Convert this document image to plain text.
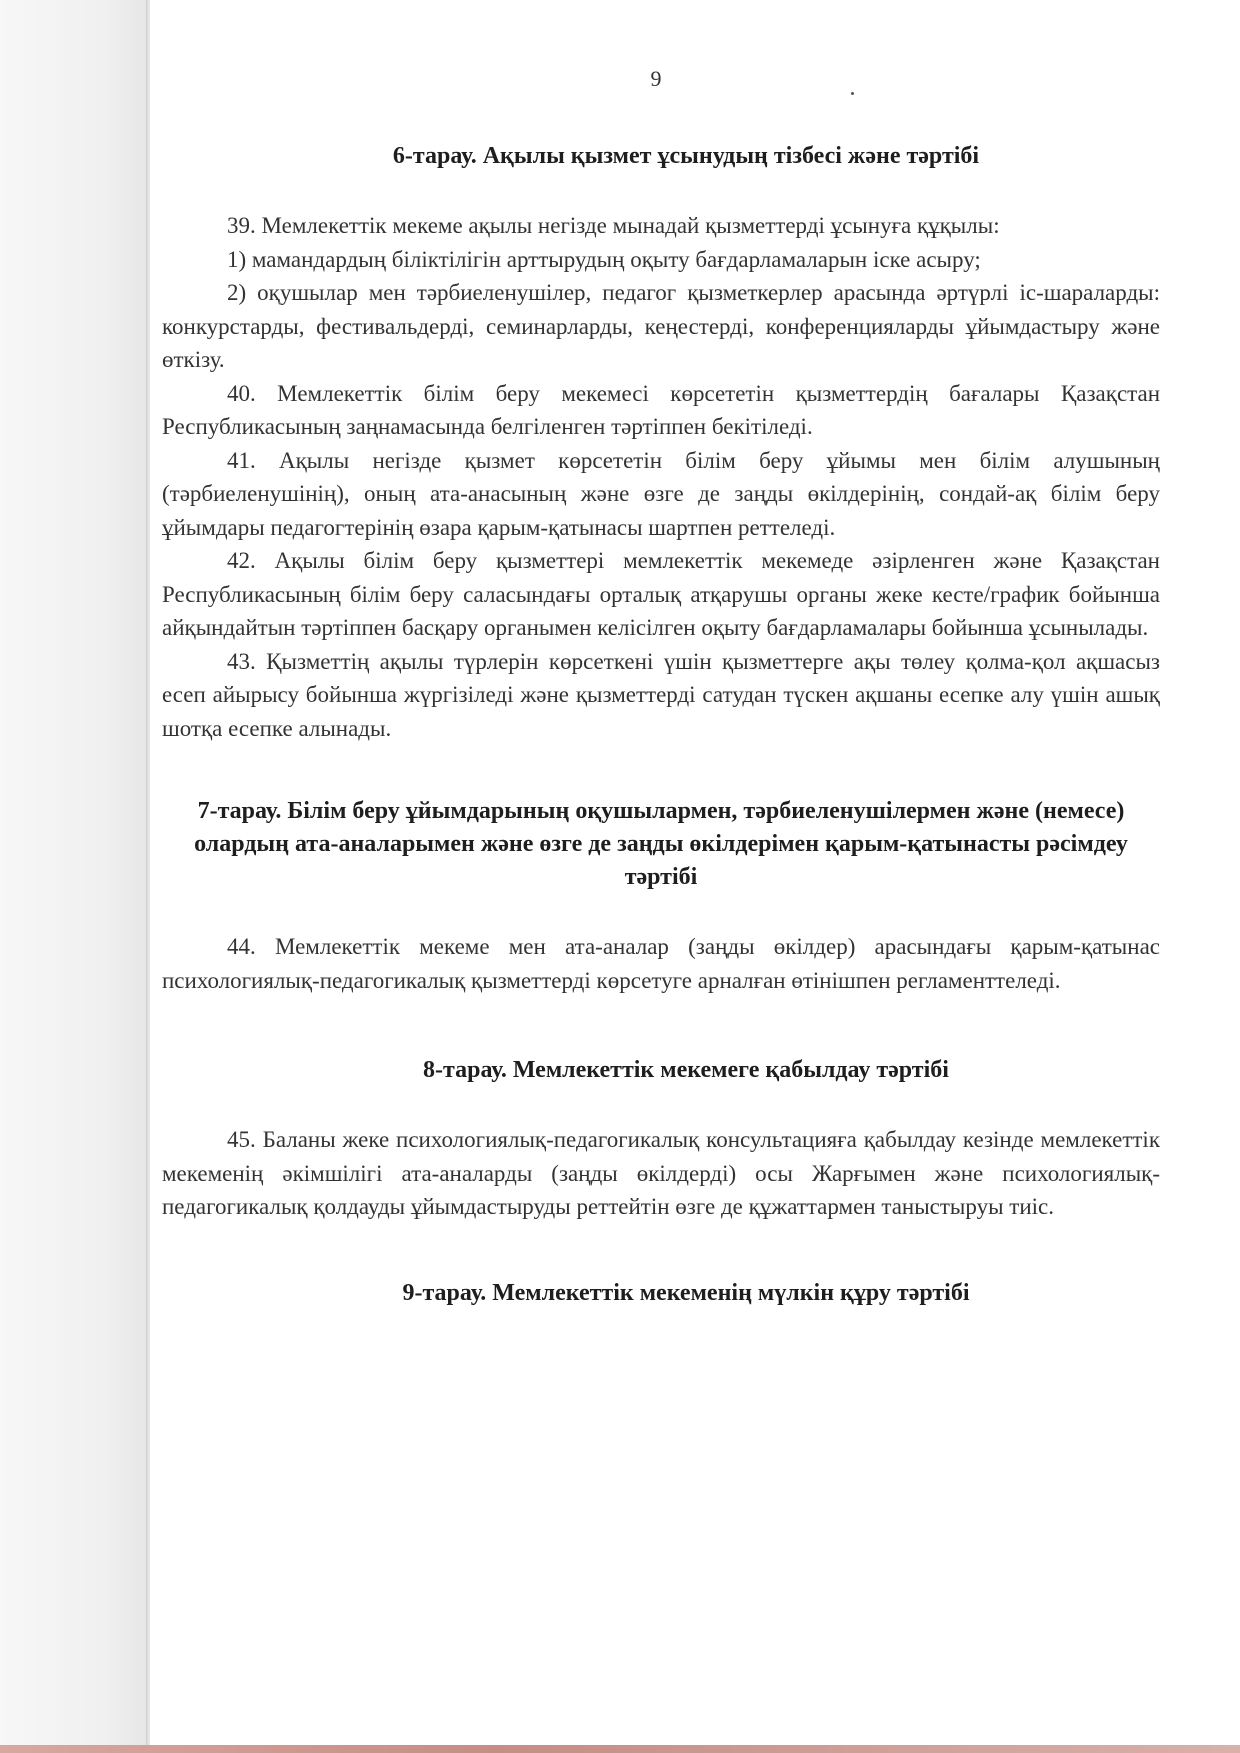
9
6-тарау. Ақылы қызмет ұсынудың тізбесі және тәртібі

39. Мемлекеттік мекеме ақылы негізде мынадай қызметтерді ұсынуға құқылы:

1) мамандардың біліктілігін арттырудың оқыту бағдарламаларын іске асыру;

2) оқушылар мен тәрбиеленушілер, педагог қызметкерлер арасында әртүрлі іс-шараларды: конкурстарды, фестивальдерді, семинарларды, кеңестерді, конференцияларды ұйымдастыру және өткізу.

40. Мемлекеттік білім беру мекемесі көрсететін қызметтердің бағалары Қазақстан Республикасының заңнамасында белгіленген тәртіппен бекітіледі.

41. Ақылы негізде қызмет көрсететін білім беру ұйымы мен білім алушының (тәрбиеленушінің), оның ата-анасының және өзге де заңды өкілдерінің, сондай-ақ білім беру ұйымдары педагогтерінің өзара қарым-қатынасы шартпен реттеледі.

42. Ақылы білім беру қызметтері мемлекеттік мекемеде әзірленген және Қазақстан Республикасының білім беру саласындағы орталық атқарушы органы жеке кесте/график бойынша айқындайтын тәртіппен басқару органымен келісілген оқыту бағдарламалары бойынша ұсынылады.

43. Қызметтің ақылы түрлерін көрсеткені үшін қызметтерге ақы төлеу қолма-қол ақшасыз есеп айырысу бойынша жүргізіледі және қызметтерді сатудан түскен ақшаны есепке алу үшін ашық шотқа есепке алынады.

7-тарау. Білім беру ұйымдарының оқушылармен, тәрбиеленушілермен және (немесе) олардың ата-аналарымен және өзге де заңды өкілдерімен қарым-қатынасты рәсімдеу тәртібі

44. Мемлекеттік мекеме мен ата-аналар (заңды өкілдер) арасындағы қарым-қатынас психологиялық-педагогикалық қызметтерді көрсетуге арналған өтінішпен регламенттеледі.

8-тарау. Мемлекеттік мекемеге қабылдау тәртібі

45. Баланы жеке психологиялық-педагогикалық консультацияға қабылдау кезінде мемлекеттік мекеменің әкімшілігі ата-аналарды (заңды өкілдерді) осы Жарғымен және психологиялық-педагогикалық қолдауды ұйымдастыруды реттейтін өзге де құжаттармен таныстыруы тиіс.

9-тарау. Мемлекеттік мекеменің мүлкін құру тәртібі
